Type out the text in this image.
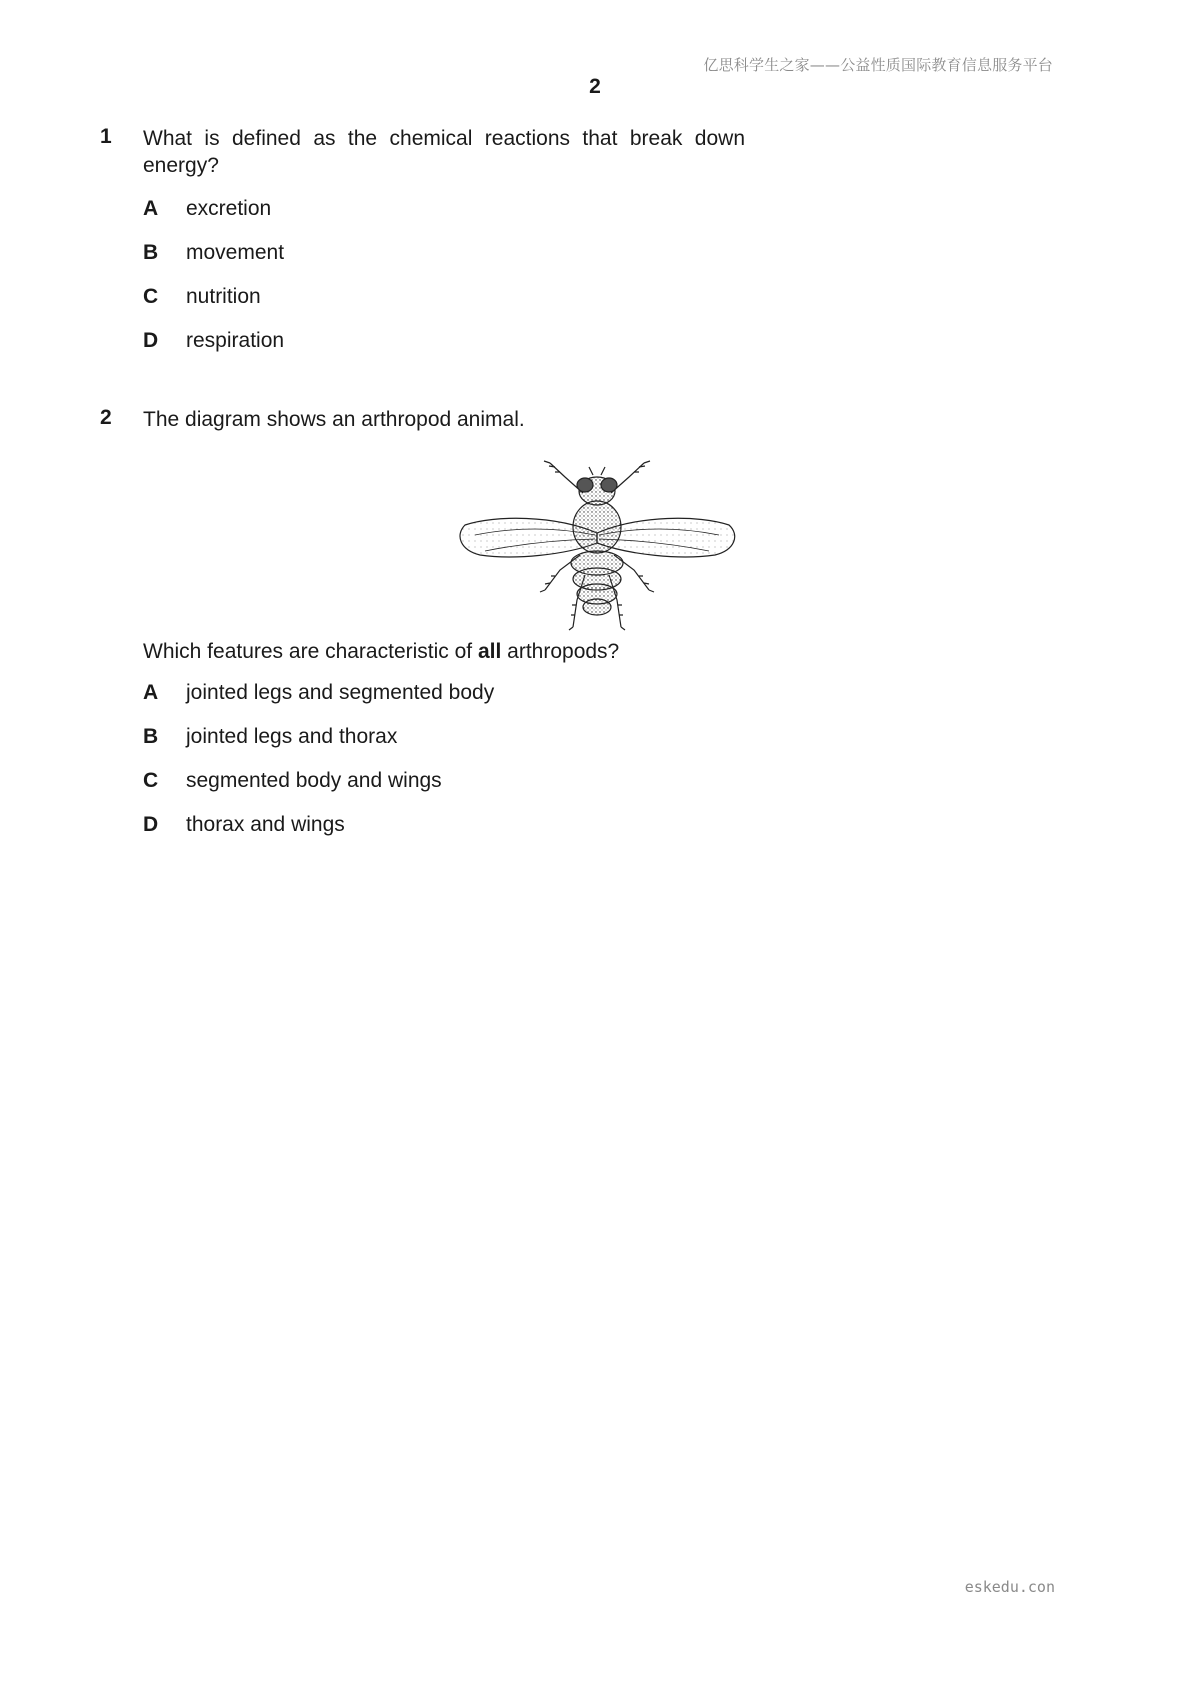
亿思科学生之家——公益性质国际教育信息服务平台
2
1 What is defined as the chemical reactions that break down energy?
A	excretion
B	movement
C	nutrition
D	respiration
2 The diagram shows an arthropod animal.
Which features are characteristic of all arthropods?
A	jointed legs and segmented body
B	jointed legs and thorax
C	segmented body and wings
D	thorax and wings
eskedu.con
